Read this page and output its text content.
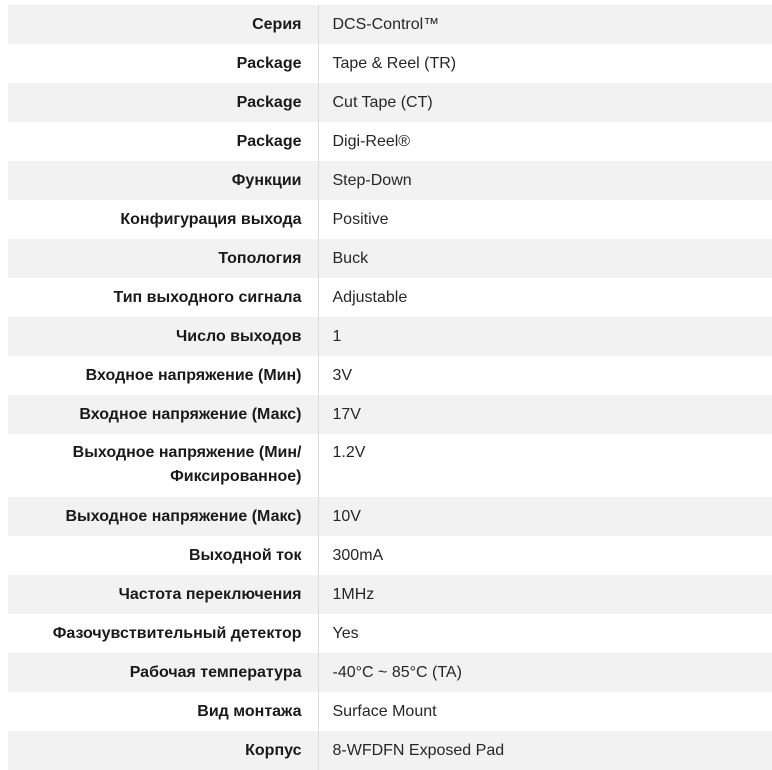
Серия	DCS-Control™
Package	Tape & Reel (TR)
Package	Cut Tape (CT)
Package	Digi-Reel®
Функции	Step-Down
Конфигурация выхода	Positive
Топология	Buck
Тип выходного сигнала	Adjustable
Число выходов	1
Входное напряжение (Мин)	3V
Входное напряжение (Макс)	17V
Выходное напряжение (Мин/ Фиксированное)	1.2V
Выходное напряжение (Макс)	10V
Выходной ток	300mA
Частота переключения	1MHz
Фазочувствительный детектор	Yes
Рабочая температура	-40°C ~ 85°C (TA)
Вид монтажа	Surface Mount
Корпус	8-WFDFN Exposed Pad
